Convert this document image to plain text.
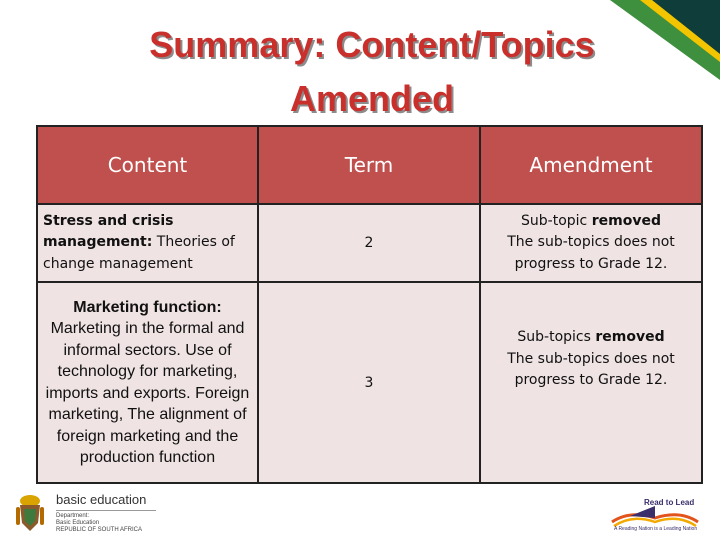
Summary: Content/Topics
Amended
Content	Term	Amendment
Stress and crisis management: Theories of change management	2	Sub-topic removed
The sub-topics does not progress to Grade 12.

Marketing function: Marketing in the formal and informal sectors. Use of technology for marketing, imports and exports. Foreign marketing, The alignment of foreign marketing and the production function	3	Sub-topics removed
The sub-topics does not progress to Grade 12.
basic education
Department:
Basic Education
REPUBLIC OF SOUTH AFRICA
Read to Lead
A Reading Nation is a Leading Nation
